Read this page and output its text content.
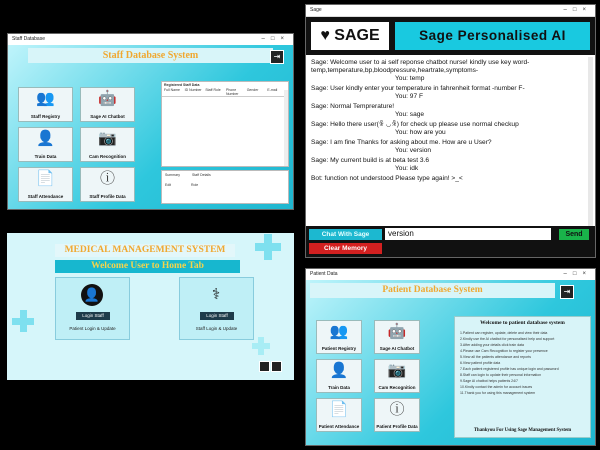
Staff Database	–□×
Staff Database System	⇥
👥
Staff Registry
🤖
Sage AI Chatbot
👤
Train Data
📷
Cam Recognition
📄
Staff Attendance
ⓘ
Staff Profile Data
Registered Staff Data
Full Name	ID Number	Staff Role	Phone Number
Gender	E-mail
Summary	Staff Details
Edit	Role
Sage	–□×
♥ SAGE	Sage Personalised AI
Sage: Welcome user to ai self reponse chatbot nurse! kindly use key word-temp,temperature,bp,bloodpressure,heartrate,symptoms-
You: temp
Sage: User kindly enter your temperature in fahrenheit format -number F-
You: 97 F
Sage: Normal Temprerature!
You: sage
Sage: Hello there user(ꆜ ◡ꆜ) for check up please use normal checkup
You: how are you
Sage: I am fine Thanks for asking about me. How are u User?
You: version
Sage: My current build is at beta test 3.6
You: idk
Bot: function not understood Please type again! >_<
Chat With Sage	version	Send
Clear Memory
MEDICAL MANAGEMENT SYSTEM
Welcome User to Home Tab
👤
Login Staff
Patient Login & Update
⚕
Login Staff
Staff Login & Update
Patient Data	–□×
Patient Database System	⇥
👥
Patient Registry
🤖
Sage AI Chatbot
👤
Train Data
📷
Cam Recognition
📄
Patient Attendance
ⓘ
Patient Profile Data
Welcome to patient database system
1.Patient can register, update, delete and view their data
2.Kindly use the AI chatbot for personalised help and support
3.After adding your details click train data
4.Please use Cam Recognition to register your presence
5.View all the patients attendance and reports
6.View patient profile data
7.Each patient registered profile has unique login and password
8.Staff can login to update their personal information
9.Sage AI chatbot helps patients 24/7
10.Kindly contact the admin for account issues
11.Thank you for using this management system
Thankyou For Using Sage Management System
